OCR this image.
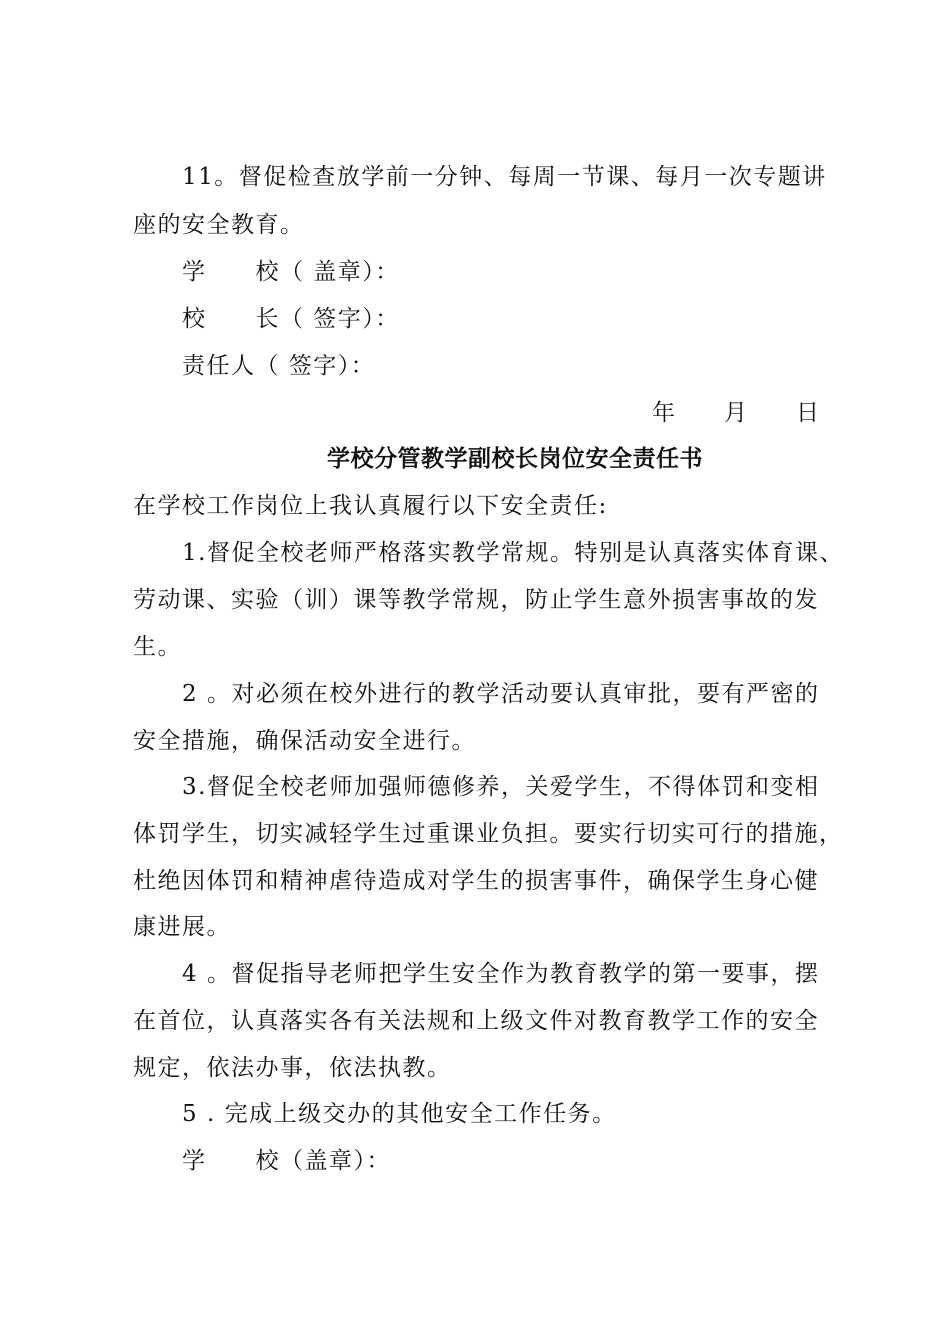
11。督促检查放学前一分钟、每周一节课、每月一次专题讲
座的安全教育。
学　　校（ 盖章）：
校　　长（ 签字）：
责任人（ 签字）：
年　　月　　日
学校分管教学副校长岗位安全责任书
在学校工作岗位上我认真履行以下安全责任:
1.督促全校老师严格落实教学常规。特别是认真落实体育课、
劳动课、实验（训）课等教学常规，防止学生意外损害事故的发
生。
2 。对必须在校外进行的教学活动要认真审批，要有严密的
安全措施，确保活动安全进行。
3.督促全校老师加强师德修养，关爱学生，不得体罚和变相
体罚学生，切实减轻学生过重课业负担。要实行切实可行的措施，
杜绝因体罚和精神虐待造成对学生的损害事件，确保学生身心健
康进展。
4 。督促指导老师把学生安全作为教育教学的第一要事，摆
在首位，认真落实各有关法规和上级文件对教育教学工作的安全
规定，依法办事，依法执教。
5 . 完成上级交办的其他安全工作任务。
学　　校（盖章）：
